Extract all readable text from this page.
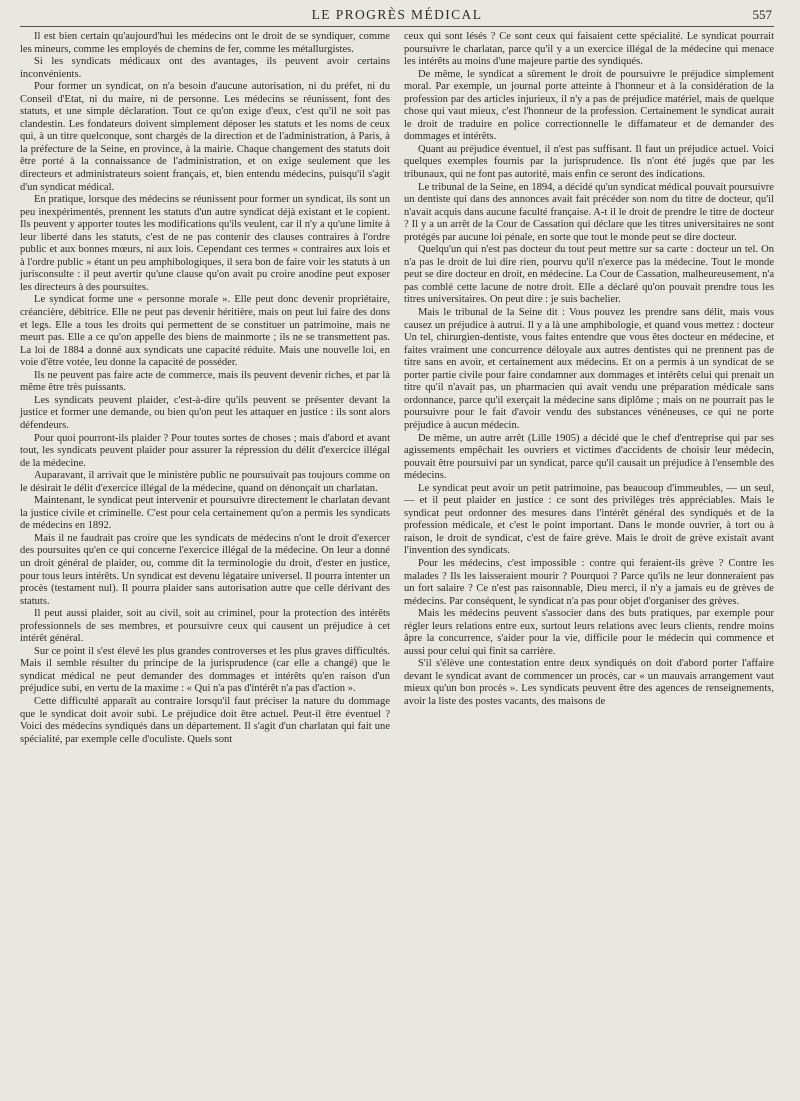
LE PROGRÈS MÉDICAL	557

Il est bien certain qu'aujourd'hui les médecins ont le droit de se syndiquer, comme les mineurs, comme les employés de chemins de fer, comme les métallurgistes.

Si les syndicats médicaux ont des avantages, ils peuvent avoir certains inconvénients.

Pour former un syndicat, on n'a besoin d'aucune autorisation, ni du préfet, ni du Conseil d'Etat, ni du maire, ni de personne. Les médecins se réunissent, font des statuts, et une simple déclaration. Tout ce qu'on exige d'eux, c'est qu'il ne soit pas clandestin. Les fondateurs doivent simplement déposer les statuts et les noms de ceux qui, à un titre quelconque, sont chargés de la direction et de l'administration, à Paris, à la préfecture de la Seine, en province, à la mairie. Chaque changement des statuts doit être porté à la connaissance de l'administration, et on exige seulement que les directeurs et administrateurs soient français, et, bien entendu médecins, puisqu'il s'agit d'un syndicat médical.

En pratique, lorsque des médecins se réunissent pour former un syndicat, ils sont un peu inexpérimentés, prennent les statuts d'un autre syndicat déjà existant et le copient. Ils peuvent y apporter toutes les modifications qu'ils veulent, car il n'y a qu'une limite à leur liberté dans les statuts, c'est de ne pas contenir des clauses contraires à l'ordre public et aux bonnes mœurs, ni aux lois. Cependant ces termes « contraires aux lois et à l'ordre public » étant un peu amphibologiques, il sera bon de faire voir les statuts à un jurisconsulte : il peut avertir qu'une clause qu'on avait pu croire anodine peut exposer les directeurs à des poursuites.

Le syndicat forme une « personne morale ». Elle peut donc devenir propriétaire, créancière, débitrice. Elle ne peut pas devenir héritière, mais on peut lui faire des dons et legs. Elle a tous les droits qui permettent de se constituer un patrimoine, mais ne meurt pas. Elle a ce qu'on appelle des biens de mainmorte ; ils ne se transmettent pas. La loi de 1884 a donné aux syndicats une capacité réduite. Mais une nouvelle loi, en voie d'être votée, leu donne la capacité de posséder.

Ils ne peuvent pas faire acte de commerce, mais ils peuvent devenir riches, et par là même être très puissants.

Les syndicats peuvent plaider, c'est-à-dire qu'ils peuvent se présenter devant la justice et former une demande, ou bien qu'on peut les attaquer en justice : ils sont alors défendeurs.

Pour quoi pourront-ils plaider ? Pour toutes sortes de choses ; mais d'abord et avant tout, les syndicats peuvent plaider pour assurer la répression du délit d'exercice illégal de la médecine.

Auparavant, il arrivait que le ministère public ne poursuivait pas toujours comme on le désirait le délit d'exercice illégal de la médecine, quand on dénonçait un charlatan.

Maintenant, le syndicat peut intervenir et poursuivre directement le charlatan devant la justice civile et criminelle. C'est pour cela certainement qu'on a permis les syndicats de médecins en 1892.

Mais il ne faudrait pas croire que les syndicats de médecins n'ont le droit d'exercer des poursuites qu'en ce qui concerne l'exercice illégal de la médecine. On leur a donné un droit général de plaider, ou, comme dit la terminologie du droit, d'ester en justice, pour tous leurs intérêts. Un syndicat est devenu légataire universel. Il pourra intenter un procès (testament nul). Il pourra plaider sans autorisation autre que celle dérivant des statuts.

Il peut aussi plaider, soit au civil, soit au criminel, pour la protection des intérêts professionnels de ses membres, et poursuivre ceux qui causent un préjudice à cet intérêt général.

Sur ce point il s'est élevé les plus grandes controverses et les plus graves difficultés. Mais il semble résulter du principe de la jurisprudence (car elle a changé) que le syndicat médical ne peut demander des dommages et intérêts qu'en raison d'un préjudice subi, en vertu de la maxime : « Qui n'a pas d'intérêt n'a pas d'action ».

Cette difficulté apparaît au contraire lorsqu'il faut préciser la nature du dommage que le syndicat doit avoir subi. Le préjudice doit être actuel. Peut-il être éventuel ? Voici des médecins syndiqués dans un département. Il s'agit d'un charlatan qui fait une spécialité, par exemple celle d'oculiste. Quels sont

ceux qui sont lésés ? Ce sont ceux qui faisaient cette spécialité. Le syndicat pourrait poursuivre le charlatan, parce qu'il y a un exercice illégal de la médecine qui menace les intérêts au moins d'une majeure partie des syndiqués.

De même, le syndicat a sûrement le droit de poursuivre le préjudice simplement moral. Par exemple, un journal porte atteinte à l'honneur et à la considération de la profession par des articles injurieux, il n'y a pas de préjudice matériel, mais de quelque chose qui vaut mieux, c'est l'honneur de la profession. Certainement le syndicat aurait le droit de traduire en police correctionnelle le diffamateur et de demander des dommages et intérêts.

Quant au préjudice éventuel, il n'est pas suffisant. Il faut un préjudice actuel. Voici quelques exemples fournis par la jurisprudence. Ils n'ont été jugés que par les tribunaux, qui ne font pas autorité, mais enfin ce seront des indications.

Le tribunal de la Seine, en 1894, a décidé qu'un syndicat médical pouvait poursuivre un dentiste qui dans des annonces avait fait précéder son nom du titre de docteur, qu'il n'avait acquis dans aucune faculté française. A-t il le droit de prendre le titre de docteur ? Il y a un arrêt de la Cour de Cassation qui déclare que les titres universitaires ne sont protégés par aucune loi pénale, en sorte que tout le monde peut se dire docteur.

Quelqu'un qui n'est pas docteur du tout peut mettre sur sa carte : docteur un tel. On n'a pas le droit de lui dire rien, pourvu qu'il n'exerce pas la médecine. Tout le monde peut se dire docteur en droit, en médecine. La Cour de Cassation, malheureusement, n'a pas comblé cette lacune de notre droit. Elle a déclaré qu'on pouvait prendre tous les titres universitaires. On peut dire : je suis bachelier.

Mais le tribunal de la Seine dit : Vous pouvez les prendre sans délit, mais vous causez un préjudice à autrui. Il y a là une amphibologie, et quand vous mettez : docteur Un tel, chirurgien-dentiste, vous faites entendre que vous êtes docteur en médecine, et faites vraiment une concurrence déloyale aux autres dentistes qui ne prennent pas de titre sans en avoir, et certainement aux médecins. Et on a permis à un syndicat de se porter partie civile pour faire condamner aux dommages et intérêts celui qui prenait un titre qu'il n'avait pas, un pharmacien qui avait vendu une préparation médicale sans ordonnance, parce qu'il exerçait la médecine sans diplôme ; mais on ne pourrait pas le poursuivre pour le fait d'avoir vendu des substances vénéneuses, ce qui ne porte préjudice à aucun médecin.

De même, un autre arrêt (Lille 1905) a décidé que le chef d'entreprise qui par ses agissements empêchait les ouvriers et victimes d'accidents de choisir leur médecin, pouvait être poursuivi par un syndicat, parce qu'il causait un préjudice à l'ensemble des médecins.

Le syndicat peut avoir un petit patrimoine, pas beaucoup d'immeubles, — un seul, — et il peut plaider en justice : ce sont des privilèges très appréciables. Mais le syndicat peut ordonner des mesures dans l'intérêt général des syndiqués et de la profession médicale, et c'est le point important. Dans le monde ouvrier, à tort ou à raison, le droit de syndicat, c'est de faire grève. Mais le droit de grève existait avant l'invention des syndicats.

Pour les médecins, c'est impossible : contre qui feraient-ils grève ? Contre les malades ? Ils les laisseraient mourir ? Pourquoi ? Parce qu'ils ne leur donneraient pas un fort salaire ? Ce n'est pas raisonnable, Dieu merci, il n'y a jamais eu de grèves de médecins. Par conséquent, le syndicat n'a pas pour objet d'organiser des grèves.

Mais les médecins peuvent s'associer dans des buts pratiques, par exemple pour régler leurs relations entre eux, surtout leurs relations avec leurs clients, rendre moins âpre la concurrence, s'aider pour la vie, difficile pour le médecin qui commence et aussi pour celui qui finit sa carrière.

S'il s'élève une contestation entre deux syndiqués on doit d'abord porter l'affaire devant le syndicat avant de commencer un procès, car « un mauvais arrangement vaut mieux qu'un bon procès ». Les syndicats peuvent être des agences de renseignements, avoir la liste des postes vacants, des maisons de
